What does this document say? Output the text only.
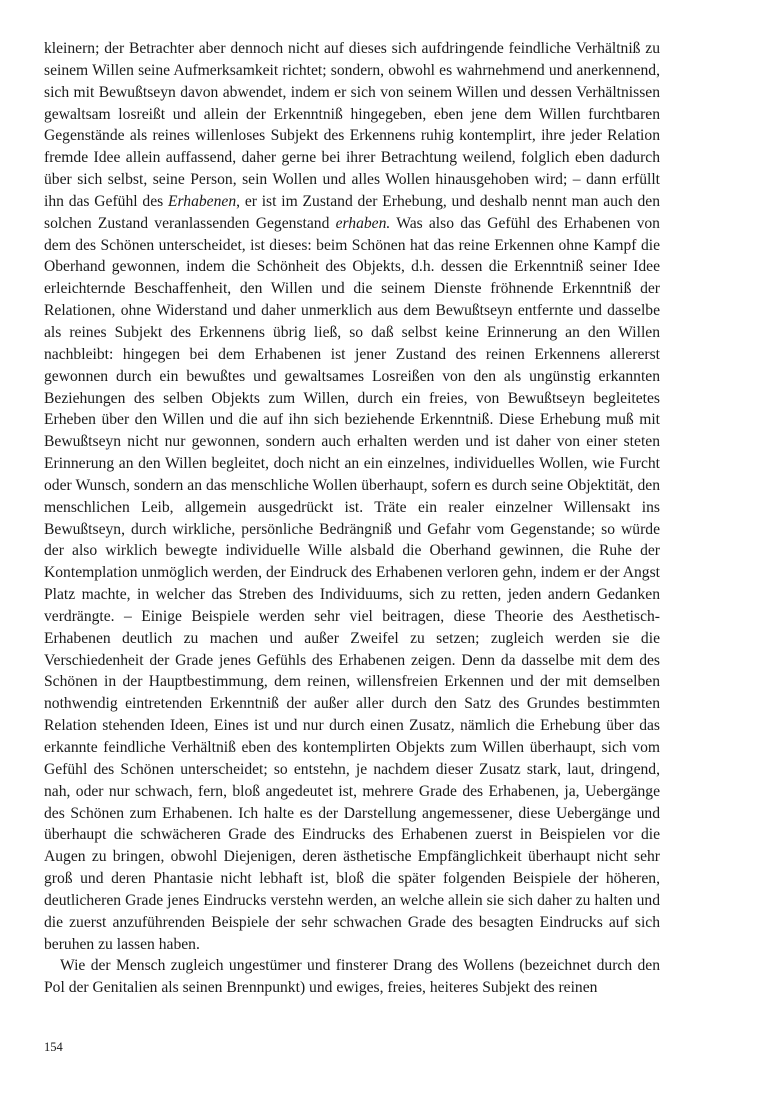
kleinern; der Betrachter aber dennoch nicht auf dieses sich aufdringende feindliche Verhältniß zu seinem Willen seine Aufmerksamkeit richtet; sondern, obwohl es wahrnehmend und anerkennend, sich mit Bewußtseyn davon abwendet, indem er sich von seinem Willen und dessen Verhältnissen gewaltsam losreißt und allein der Erkenntniß hingegeben, eben jene dem Willen furchtbaren Gegenstände als reines willenloses Subjekt des Erkennens ruhig kontemplirt, ihre jeder Relation fremde Idee allein auffassend, daher gerne bei ihrer Betrachtung weilend, folglich eben dadurch über sich selbst, seine Person, sein Wollen und alles Wollen hinausgehoben wird; – dann erfüllt ihn das Gefühl des Erhabenen, er ist im Zustand der Erhebung, und deshalb nennt man auch den solchen Zustand veranlassenden Gegenstand erhaben. Was also das Gefühl des Erhabenen von dem des Schönen unterscheidet, ist dieses: beim Schönen hat das reine Erkennen ohne Kampf die Oberhand gewonnen, indem die Schönheit des Objekts, d.h. dessen die Erkenntniß seiner Idee erleichternde Beschaffenheit, den Willen und die seinem Dienste fröhnende Erkenntniß der Relationen, ohne Widerstand und daher unmerklich aus dem Bewußtseyn entfernte und dasselbe als reines Subjekt des Erkennens übrig ließ, so daß selbst keine Erinnerung an den Willen nachbleibt: hingegen bei dem Erhabenen ist jener Zustand des reinen Erkennens allererst gewonnen durch ein bewußtes und gewaltsames Losreißen von den als ungünstig erkannten Beziehungen des selben Objekts zum Willen, durch ein freies, von Bewußtseyn begleitetes Erheben über den Willen und die auf ihn sich beziehende Erkenntniß. Diese Erhebung muß mit Bewußtseyn nicht nur gewonnen, sondern auch erhalten werden und ist daher von einer steten Erinnerung an den Willen begleitet, doch nicht an ein einzelnes, individuelles Wollen, wie Furcht oder Wunsch, sondern an das menschliche Wollen überhaupt, sofern es durch seine Objektität, den menschlichen Leib, allgemein ausgedrückt ist. Träte ein realer einzelner Willensakt ins Bewußtseyn, durch wirkliche, persönliche Bedrängniß und Gefahr vom Gegenstande; so würde der also wirklich bewegte individuelle Wille alsbald die Oberhand gewinnen, die Ruhe der Kontemplation unmöglich werden, der Eindruck des Erhabenen verloren gehn, indem er der Angst Platz machte, in welcher das Streben des Individuums, sich zu retten, jeden andern Gedanken verdrängte. – Einige Beispiele werden sehr viel beitragen, diese Theorie des Aesthetisch-Erhabenen deutlich zu machen und außer Zweifel zu setzen; zugleich werden sie die Verschiedenheit der Grade jenes Gefühls des Erhabenen zeigen. Denn da dasselbe mit dem des Schönen in der Hauptbestimmung, dem reinen, willensfreien Erkennen und der mit demselben nothwendig eintretenden Erkenntniß der außer aller durch den Satz des Grundes bestimmten Relation stehenden Ideen, Eines ist und nur durch einen Zusatz, nämlich die Erhebung über das erkannte feindliche Verhältniß eben des kontemplirten Objekts zum Willen überhaupt, sich vom Gefühl des Schönen unterscheidet; so entstehn, je nachdem dieser Zusatz stark, laut, dringend, nah, oder nur schwach, fern, bloß angedeutet ist, mehrere Grade des Erhabenen, ja, Uebergänge des Schönen zum Erhabenen. Ich halte es der Darstellung angemessener, diese Uebergänge und überhaupt die schwächeren Grade des Eindrucks des Erhabenen zuerst in Beispielen vor die Augen zu bringen, obwohl Diejenigen, deren ästhetische Empfänglichkeit überhaupt nicht sehr groß und deren Phantasie nicht lebhaft ist, bloß die später folgenden Beispiele der höheren, deutlicheren Grade jenes Eindrucks verstehn werden, an welche allein sie sich daher zu halten und die zuerst anzuführenden Beispiele der sehr schwachen Grade des besagten Eindrucks auf sich beruhen zu lassen haben.

Wie der Mensch zugleich ungestümer und finsterer Drang des Wollens (bezeichnet durch den Pol der Genitalien als seinen Brennpunkt) und ewiges, freies, heiteres Subjekt des reinen

154
